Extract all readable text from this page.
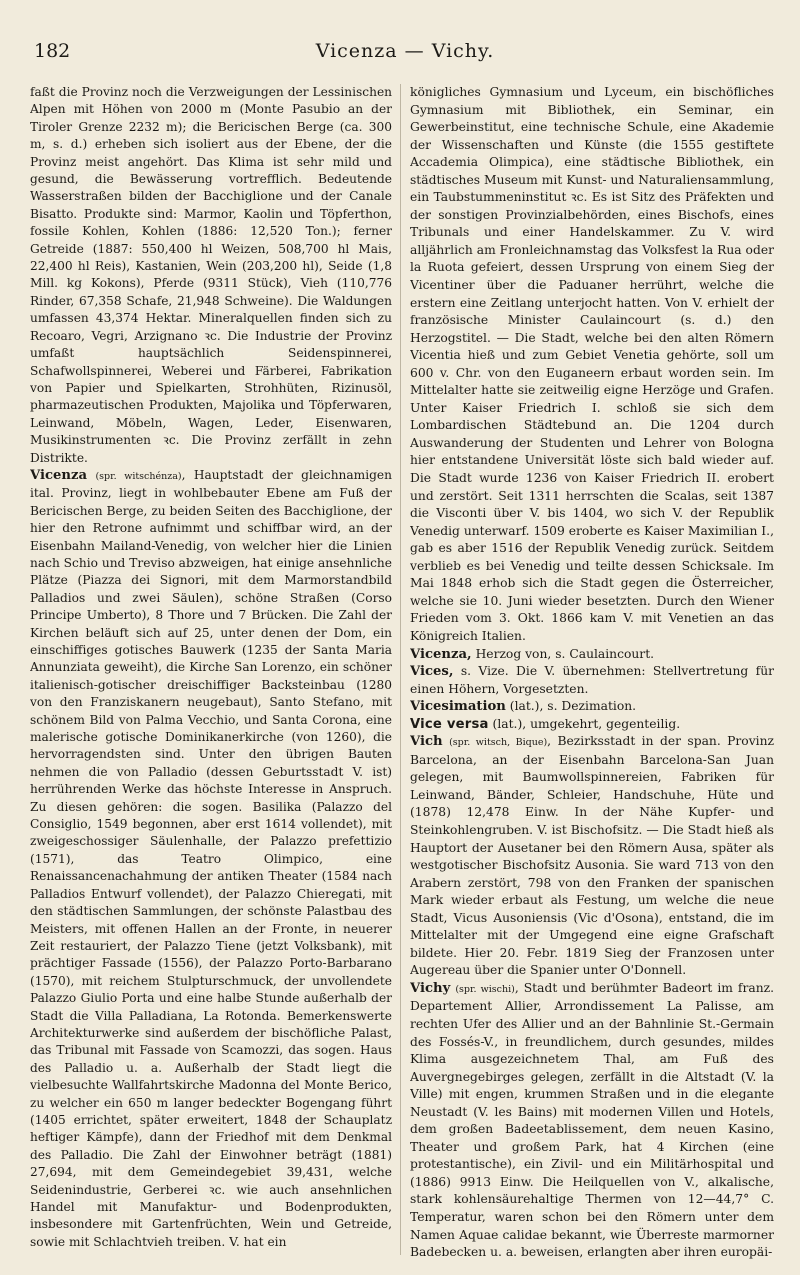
182	Vicenza — Vichy.

faßt die Provinz noch die Verzweigungen der Lessinischen Alpen mit Höhen von 2000 m (Monte Pasubio an der Tiroler Grenze 2232 m); die Bericischen Berge (ca. 300 m, s. d.) erheben sich isoliert aus der Ebene, der die Provinz meist angehört. Das Klima ist sehr mild und gesund, die Bewässerung vortrefflich. Bedeutende Wasserstraßen bilden der Bacchiglione und der Canale Bisatto. Produkte sind: Marmor, Kaolin und Töpferthon, fossile Kohlen, Kohlen (1886: 12,520 Ton.); ferner Getreide (1887: 550,400 hl Weizen, 508,700 hl Mais, 22,400 hl Reis), Kastanien, Wein (203,200 hl), Seide (1,8 Mill. kg Kokons), Pferde (9311 Stück), Vieh (110,776 Rinder, 67,358 Schafe, 21,948 Schweine). Die Waldungen umfassen 43,374 Hektar. Mineralquellen finden sich zu Recoaro, Vegri, Arzignano ꝛc. Die Industrie der Provinz umfaßt hauptsächlich Seidenspinnerei, Schafwollspinnerei, Weberei und Färberei, Fabrikation von Papier und Spielkarten, Strohhüten, Rizinusöl, pharmazeutischen Produkten, Majolika und Töpferwaren, Leinwand, Möbeln, Wagen, Leder, Eisenwaren, Musikinstrumenten ꝛc. Die Provinz zerfällt in zehn Distrikte.

Vicenza (spr. witschénza), Hauptstadt der gleichnamigen ital. Provinz, liegt in wohlbebauter Ebene am Fuß der Bericischen Berge, zu beiden Seiten des Bacchiglione, der hier den Retrone aufnimmt und schiffbar wird, an der Eisenbahn Mailand-Venedig, von welcher hier die Linien nach Schio und Treviso abzweigen, hat einige ansehnliche Plätze (Piazza dei Signori, mit dem Marmorstandbild Palladios und zwei Säulen), schöne Straßen (Corso Principe Umberto), 8 Thore und 7 Brücken. Die Zahl der Kirchen beläuft sich auf 25, unter denen der Dom, ein einschiffiges gotisches Bauwerk (1235 der Santa Maria Annunziata geweiht), die Kirche San Lorenzo, ein schöner italienisch-gotischer dreischiffiger Backsteinbau (1280 von den Franziskanern neugebaut), Santo Stefano, mit schönem Bild von Palma Vecchio, und Santa Corona, eine malerische gotische Dominikanerkirche (von 1260), die hervorragendsten sind. Unter den übrigen Bauten nehmen die von Palladio (dessen Geburtsstadt V. ist) herrührenden Werke das höchste Interesse in Anspruch. Zu diesen gehören: die sogen. Basilika (Palazzo del Consiglio, 1549 begonnen, aber erst 1614 vollendet), mit zweigeschossiger Säulenhalle, der Palazzo prefettizio (1571), das Teatro Olimpico, eine Renaissancenachahmung der antiken Theater (1584 nach Palladios Entwurf vollendet), der Palazzo Chieregati, mit den städtischen Sammlungen, der schönste Palastbau des Meisters, mit offenen Hallen an der Fronte, in neuerer Zeit restauriert, der Palazzo Tiene (jetzt Volksbank), mit prächtiger Fassade (1556), der Palazzo Porto-Barbarano (1570), mit reichem Stulpturschmuck, der unvollendete Palazzo Giulio Porta und eine halbe Stunde außerhalb der Stadt die Villa Palladiana, La Rotonda. Bemerkenswerte Architekturwerke sind außerdem der bischöfliche Palast, das Tribunal mit Fassade von Scamozzi, das sogen. Haus des Palladio u. a. Außerhalb der Stadt liegt die vielbesuchte Wallfahrtskirche Madonna del Monte Berico, zu welcher ein 650 m langer bedeckter Bogengang führt (1405 errichtet, später erweitert, 1848 der Schauplatz heftiger Kämpfe), dann der Friedhof mit dem Denkmal des Palladio. Die Zahl der Einwohner beträgt (1881) 27,694, mit dem Gemeindegebiet 39,431, welche Seidenindustrie, Gerberei ꝛc. wie auch ansehnlichen Handel mit Manufaktur- und Bodenprodukten, insbesondere mit Gartenfrüchten, Wein und Getreide, sowie mit Schlachtvieh treiben. V. hat ein

königliches Gymnasium und Lyceum, ein bischöfliches Gymnasium mit Bibliothek, ein Seminar, ein Gewerbeinstitut, eine technische Schule, eine Akademie der Wissenschaften und Künste (die 1555 gestiftete Accademia Olimpica), eine städtische Bibliothek, ein städtisches Museum mit Kunst- und Naturaliensammlung, ein Taubstummeninstitut ꝛc. Es ist Sitz des Präfekten und der sonstigen Provinzialbehörden, eines Bischofs, eines Tribunals und einer Handelskammer. Zu V. wird alljährlich am Fronleichnamstag das Volksfest la Rua oder la Ruota gefeiert, dessen Ursprung von einem Sieg der Vicentiner über die Paduaner herrührt, welche die erstern eine Zeitlang unterjocht hatten. Von V. erhielt der französische Minister Caulaincourt (s. d.) den Herzogstitel. — Die Stadt, welche bei den alten Römern Vicentia hieß und zum Gebiet Venetia gehörte, soll um 600 v. Chr. von den Euganeern erbaut worden sein. Im Mittelalter hatte sie zeitweilig eigne Herzöge und Grafen. Unter Kaiser Friedrich I. schloß sie sich dem Lombardischen Städtebund an. Die 1204 durch Auswanderung der Studenten und Lehrer von Bologna hier entstandene Universität löste sich bald wieder auf. Die Stadt wurde 1236 von Kaiser Friedrich II. erobert und zerstört. Seit 1311 herrschten die Scalas, seit 1387 die Visconti über V. bis 1404, wo sich V. der Republik Venedig unterwarf. 1509 eroberte es Kaiser Maximilian I., gab es aber 1516 der Republik Venedig zurück. Seitdem verblieb es bei Venedig und teilte dessen Schicksale. Im Mai 1848 erhob sich die Stadt gegen die Österreicher, welche sie 10. Juni wieder besetzten. Durch den Wiener Frieden vom 3. Okt. 1866 kam V. mit Venetien an das Königreich Italien.

Vicenza, Herzog von, s. Caulaincourt.

Vices, s. Vize. Die V. übernehmen: Stellvertretung für einen Höhern, Vorgesetzten.

Vicesimation (lat.), s. Dezimation.

Vice versa (lat.), umgekehrt, gegenteilig.

Vich (spr. witsch, Bique), Bezirksstadt in der span. Provinz Barcelona, an der Eisenbahn Barcelona-San Juan gelegen, mit Baumwollspinnereien, Fabriken für Leinwand, Bänder, Schleier, Handschuhe, Hüte und (1878) 12,478 Einw. In der Nähe Kupfer- und Steinkohlengruben. V. ist Bischofsitz. — Die Stadt hieß als Hauptort der Ausetaner bei den Römern Ausa, später als westgotischer Bischofsitz Ausonia. Sie ward 713 von den Arabern zerstört, 798 von den Franken der spanischen Mark wieder erbaut als Festung, um welche die neue Stadt, Vicus Ausoniensis (Vic d'Osona), entstand, die im Mittelalter mit der Umgegend eine eigne Grafschaft bildete. Hier 20. Febr. 1819 Sieg der Franzosen unter Augereau über die Spanier unter O'Donnell.

Vichy (spr. wischi), Stadt und berühmter Badeort im franz. Departement Allier, Arrondissement La Palisse, am rechten Ufer des Allier und an der Bahnlinie St.-Germain des Fossés-V., in freundlichem, durch gesundes, mildes Klima ausgezeichnetem Thal, am Fuß des Auvergnegebirges gelegen, zerfällt in die Altstadt (V. la Ville) mit engen, krummen Straßen und in die elegante Neustadt (V. les Bains) mit modernen Villen und Hotels, dem großen Badeetablissement, dem neuen Kasino, Theater und großem Park, hat 4 Kirchen (eine protestantische), ein Zivil- und ein Militärhospital und (1886) 9913 Einw. Die Heilquellen von V., alkalische, stark kohlensäurehaltige Thermen von 12—44,7° C. Temperatur, waren schon bei den Römern unter dem Namen Aquae calidae bekannt, wie Überreste marmorner Badebecken u. a. beweisen, erlangten aber ihren europäi-
